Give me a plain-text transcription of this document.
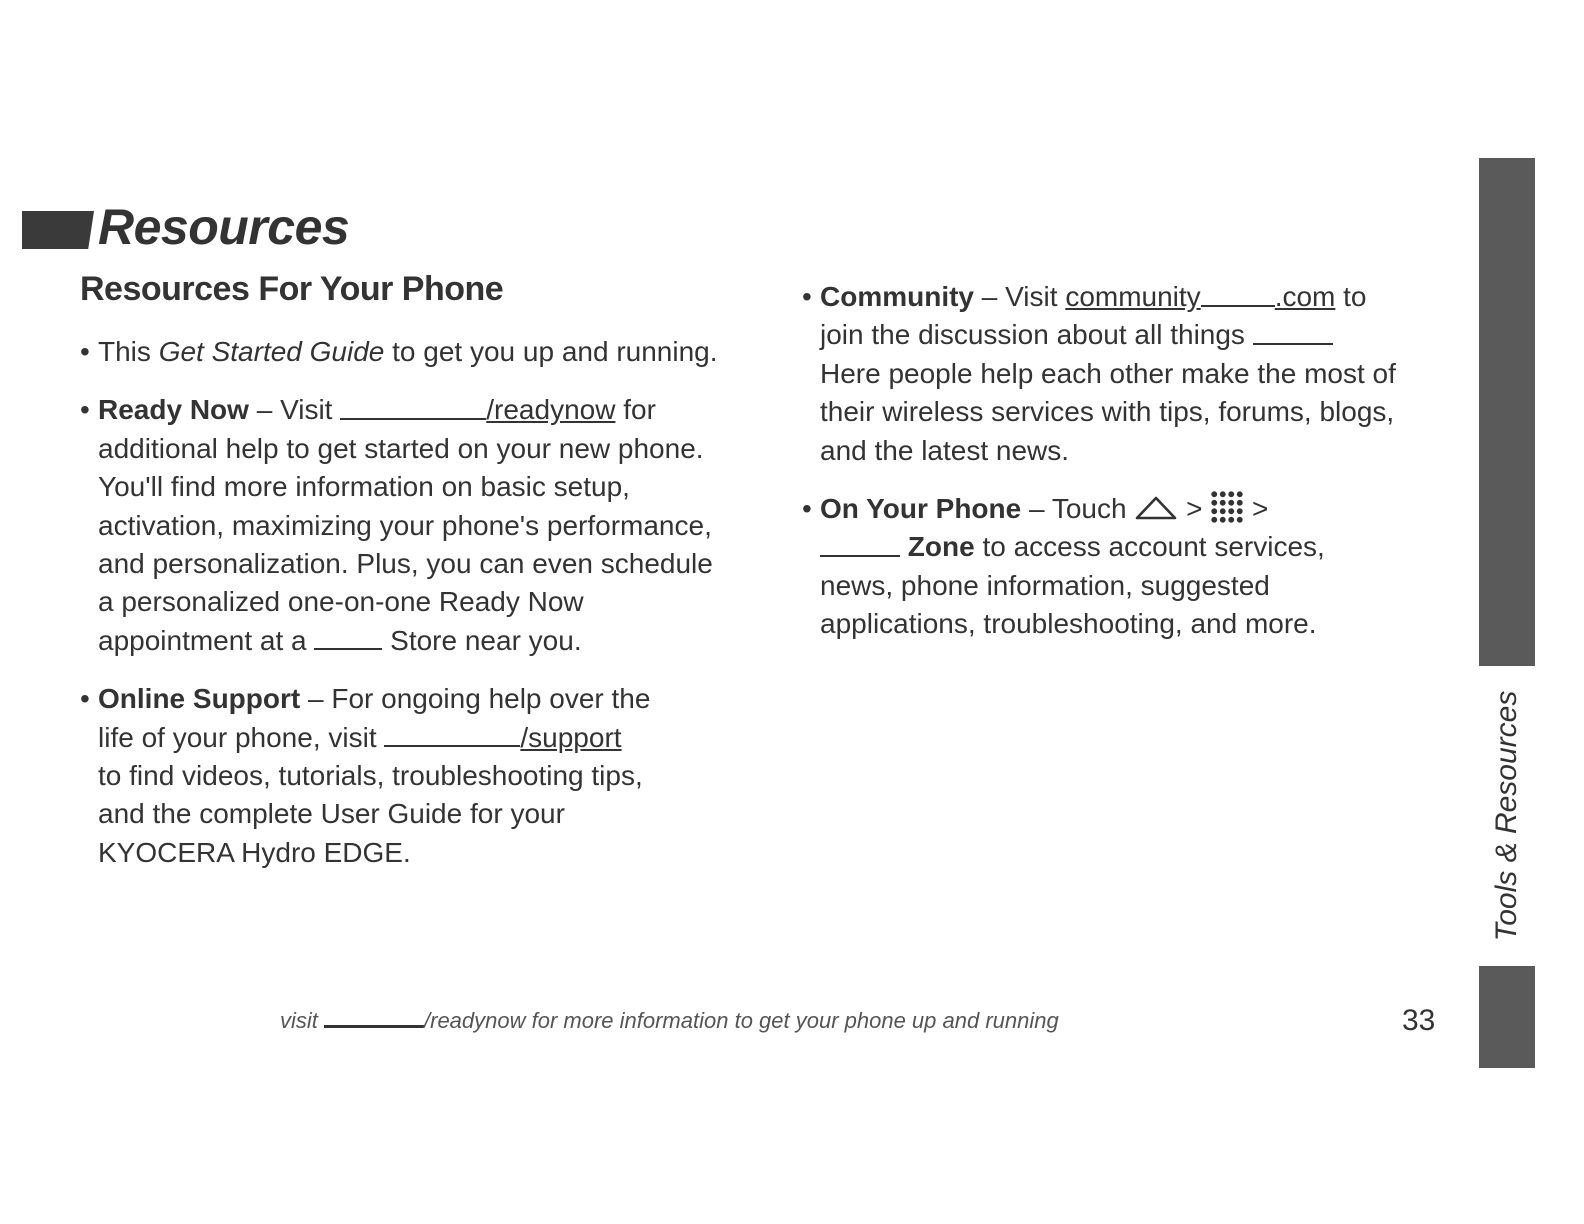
Resources
Resources For Your Phone

• This Get Started Guide to get you up and running.

• Ready Now – Visit	/readynow for
additional help to get started on your new phone.
You'll find more information on basic setup,
activation, maximizing your phone's performance,
and personalization. Plus, you can even schedule
a personalized one-on-one Ready Now
appointment at a	Store near you.

• Online Support – For ongoing help over the
life of your phone, visit	/support
to find videos, tutorials, troubleshooting tips,
and the complete User Guide for your
KYOCERA Hydro EDGE.

• Community – Visit community	.com to
join the discussion about all things
Here people help each other make the most of
their wireless services with tips, forums, blogs,
and the latest news.

• On Your Phone – Touch  > >
Zone to access account services,
news, phone information, suggested
applications, troubleshooting, and more.

Tools & Resources
visit	/readynow for more information to get your phone up and running	33
